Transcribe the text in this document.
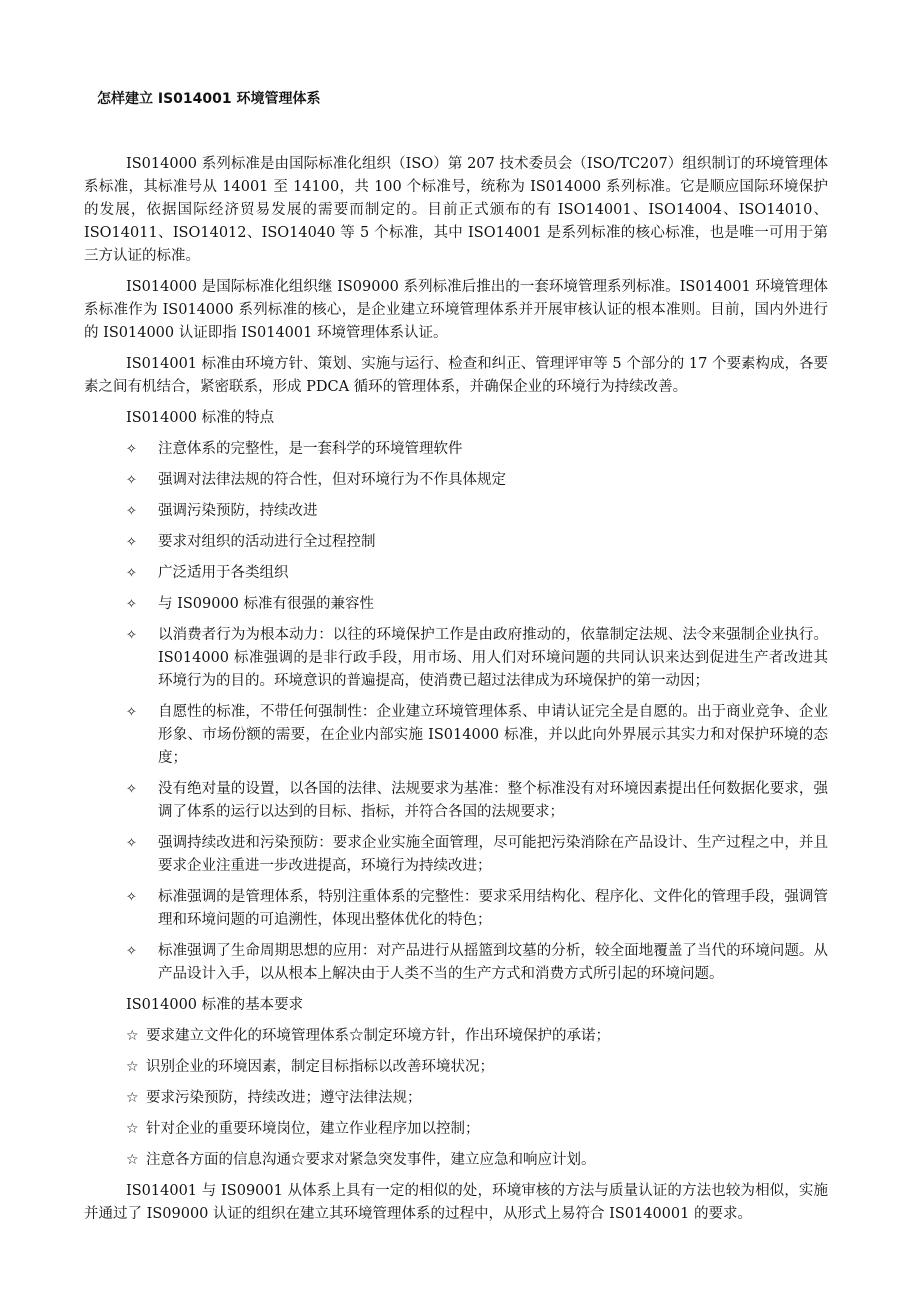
怎样建立 IS014001 环境管理体系

IS014000 系列标准是由国际标准化组织（ISO）第 207 技术委员会（ISO/TC207）组织制订的环境管理体系标准，其标准号从 14001 至 14100，共 100 个标准号，统称为 IS014000 系列标准。它是顺应国际环境保护的发展，依据国际经济贸易发展的需要而制定的。目前正式颁布的有 ISO14001、ISO14004、ISO14010、ISO14011、ISO14012、ISO14040 等 5 个标准，其中 ISO14001 是系列标准的核心标准，也是唯一可用于第三方认证的标准。

IS014000 是国际标准化组织继 IS09000 系列标准后推出的一套环境管理系列标准。IS014001 环境管理体系标准作为 IS014000 系列标准的核心，是企业建立环境管理体系并开展审核认证的根本准则。目前，国内外进行的 IS014000 认证即指 IS014001 环境管理体系认证。

IS014001 标准由环境方针、策划、实施与运行、检查和纠正、管理评审等 5 个部分的 17 个要素构成，各要素之间有机结合，紧密联系，形成 PDCA 循环的管理体系，并确保企业的环境行为持续改善。

IS014000 标准的特点
✧	注意体系的完整性，是一套科学的环境管理软件
✧	强调对法律法规的符合性，但对环境行为不作具体规定
✧	强调污染预防，持续改进
✧	要求对组织的活动进行全过程控制
✧	广泛适用于各类组织
✧	与 IS09000 标准有很强的兼容性
✧	以消费者行为为根本动力：以往的环境保护工作是由政府推动的，依靠制定法规、法令来强制企业执行。IS014000 标准强调的是非行政手段，用市场、用人们对环境问题的共同认识来达到促进生产者改进其环境行为的目的。环境意识的普遍提高，使消费已超过法律成为环境保护的第一动因；
✧	自愿性的标准，不带任何强制性：企业建立环境管理体系、申请认证完全是自愿的。出于商业竞争、企业形象、市场份额的需要，在企业内部实施 IS014000 标准，并以此向外界展示其实力和对保护环境的态度；
✧	没有绝对量的设置，以各国的法律、法规要求为基准：整个标准没有对环境因素提出任何数据化要求，强调了体系的运行以达到的目标、指标，并符合各国的法规要求；
✧	强调持续改进和污染预防：要求企业实施全面管理，尽可能把污染消除在产品设计、生产过程之中，并且要求企业注重进一步改进提高，环境行为持续改进；
✧	标准强调的是管理体系，特别注重体系的完整性：要求采用结构化、程序化、文件化的管理手段，强调管理和环境问题的可追溯性，体现出整体优化的特色；
✧	标准强调了生命周期思想的应用：对产品进行从摇篮到坟墓的分析，较全面地覆盖了当代的环境问题。从产品设计入手，以从根本上解决由于人类不当的生产方式和消费方式所引起的环境问题。
IS014000 标准的基本要求
☆ 要求建立文件化的环境管理体系☆制定环境方针，作出环境保护的承诺；
☆ 识别企业的环境因素，制定目标指标以改善环境状况；
☆ 要求污染预防，持续改进；遵守法律法规；
☆ 针对企业的重要环境岗位，建立作业程序加以控制；
☆ 注意各方面的信息沟通☆要求对紧急突发事件，建立应急和响应计划。

IS014001 与 IS09001 从体系上具有一定的相似的处，环境审核的方法与质量认证的方法也较为相似，实施并通过了 IS09000 认证的组织在建立其环境管理体系的过程中，从形式上易符合 IS0140001 的要求。
